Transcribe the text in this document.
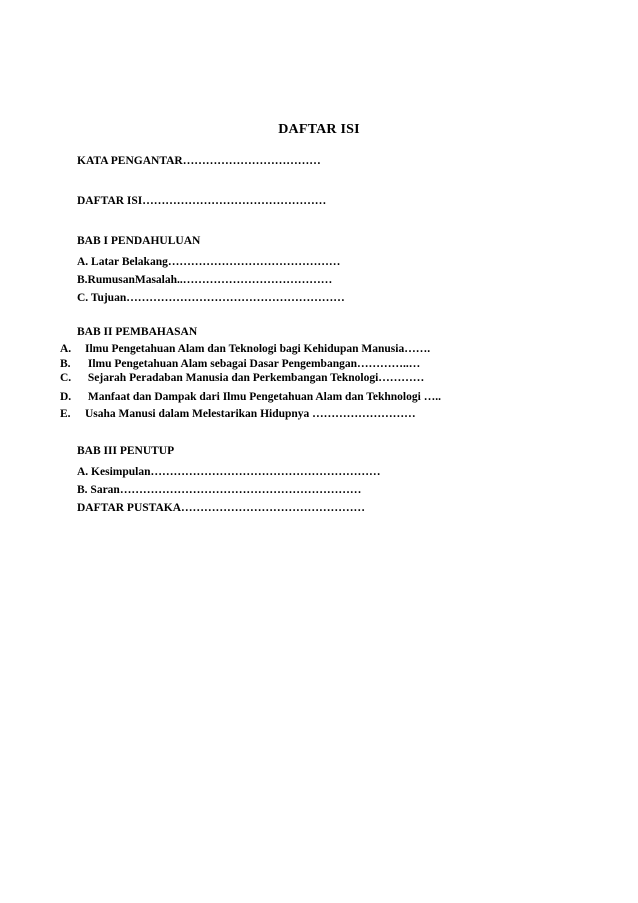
DAFTAR ISI
KATA PENGANTAR………………………………
DAFTAR ISI…………………………………………
BAB I PENDAHULUAN
A. Latar Belakang………………………………………
B.RumusanMasalah..…………………………………
C. Tujuan…………………………………………………
BAB II PEMBAHASAN
A. Ilmu Pengetahuan Alam dan Teknologi bagi Kehidupan Manusia…….
B. Ilmu Pengetahuan Alam sebagai Dasar Pengembangan…………..…
C. Sejarah Peradaban Manusia dan Perkembangan Teknologi…………
D. Manfaat dan Dampak dari Ilmu Pengetahuan Alam dan Tekhnologi …..
E. Usaha Manusi dalam Melestarikan Hidupnya ………………………
BAB III PENUTUP
A. Kesimpulan……………………………………………………
B. Saran………………………………………………………
DAFTAR PUSTAKA…………………………………………
